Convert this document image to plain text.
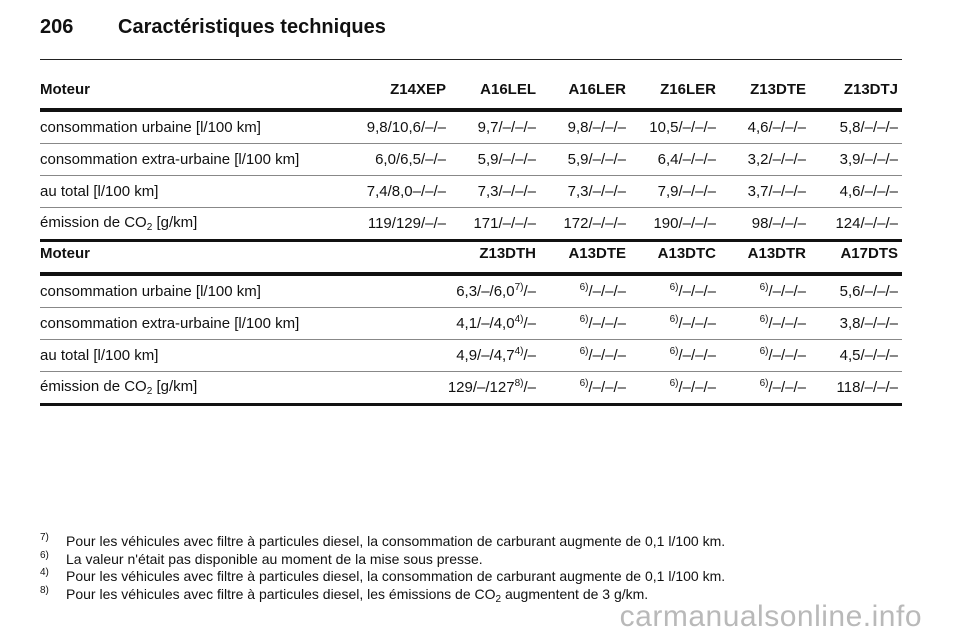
206	Caractéristiques techniques
Moteur	Z14XEP	A16LEL	A16LER	Z16LER	Z13DTE	Z13DTJ
consommation urbaine [l/100 km]	9,8/10,6/–/–	9,7/–/–/–	9,8/–/–/–	10,5/–/–/–	4,6/–/–/–	5,8/–/–/–
consommation extra-urbaine [l/100 km]	6,0/6,5/–/–	5,9/–/–/–	5,9/–/–/–	6,4/–/–/–	3,2/–/–/–	3,9/–/–/–
au total [l/100 km]	7,4/8,0–/–/–	7,3/–/–/–	7,3/–/–/–	7,9/–/–/–	3,7/–/–/–	4,6/–/–/–
émission de $CO_2$ [g/km]	119/129/–/–	171/–/–/–	172/–/–/–	190/–/–/–	98/–/–/–	124/–/–/–
Moteur	Z13DTH	A13DTE	A13DTC	A13DTR	A17DTS
consommation urbaine [l/100 km]	6,3/–/6,0$^{7)}$/–	$^{6)}$/–/–/–	$^{6)}$/–/–/–	$^{6)}$/–/–/–	5,6/–/–/–
consommation extra-urbaine [l/100 km]	4,1/–/4,0$^{4)}$/–	$^{6)}$/–/–/–	$^{6)}$/–/–/–	$^{6)}$/–/–/–	3,8/–/–/–
au total [l/100 km]	4,9/–/4,7$^{4)}$/–	$^{6)}$/–/–/–	$^{6)}$/–/–/–	$^{6)}$/–/–/–	4,5/–/–/–
émission de $CO_2$ [g/km]	129/–/127$^{8)}$/–	$^{6)}$/–/–/–	$^{6)}$/–/–/–	$^{6)}$/–/–/–	118/–/–/–
7)	Pour les véhicules avec filtre à particules diesel, la consommation de carburant augmente de 0,1 l/100 km.
6)	La valeur n'était pas disponible au moment de la mise sous presse.
4)	Pour les véhicules avec filtre à particules diesel, la consommation de carburant augmente de 0,1 l/100 km.
8)	Pour les véhicules avec filtre à particules diesel, les émissions de $CO_2$ augmentent de 3 g/km.
carmanualsonline.info
